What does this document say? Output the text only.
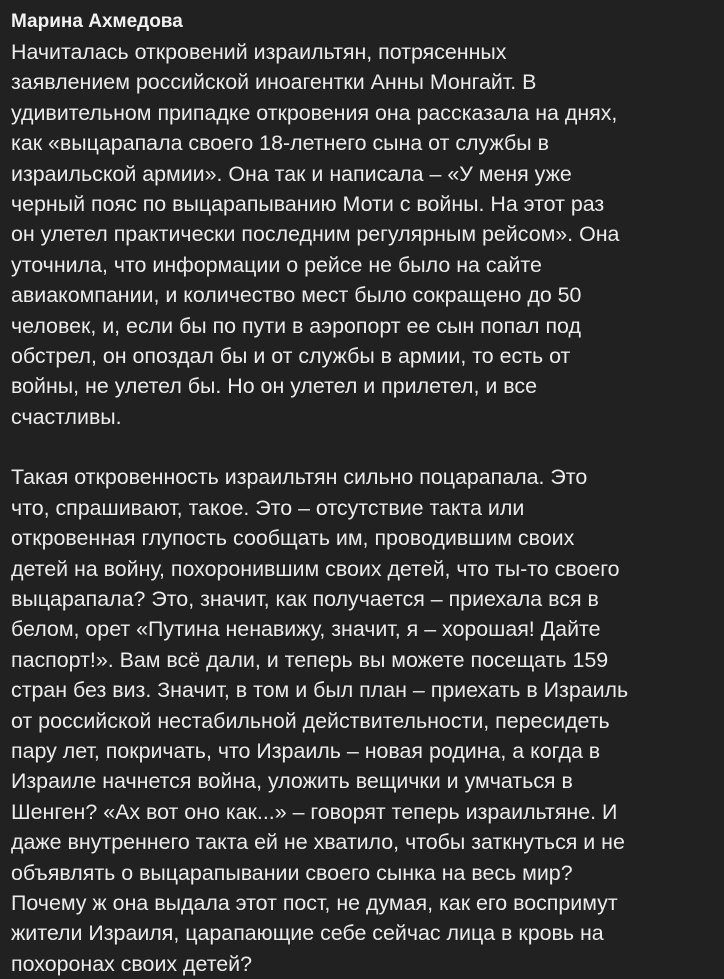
Марина Ахмедова
Начиталась откровений израильтян, потрясенных
заявлением российской иноагентки Анны Монгайт. В
удивительном припадке откровения она рассказала на днях,
как «выцарапала своего 18-летнего сына от службы в
израильской армии». Она так и написала – «У меня уже
черный пояс по выцарапыванию Моти с войны. На этот раз
он улетел практически последним регулярным рейсом». Она
уточнила, что информации о рейсе не было на сайте
авиакомпании, и количество мест было сокращено до 50
человек, и, если бы по пути в аэропорт ее сын попал под
обстрел, он опоздал бы и от службы в армии, то есть от
войны, не улетел бы. Но он улетел и прилетел, и все
счастливы.
Такая откровенность израильтян сильно поцарапала. Это
что, спрашивают, такое. Это – отсутствие такта или
откровенная глупость сообщать им, проводившим своих
детей на войну, похоронившим своих детей, что ты-то своего
выцарапала? Это, значит, как получается – приехала вся в
белом, орет «Путина ненавижу, значит, я – хорошая! Дайте
паспорт!». Вам всё дали, и теперь вы можете посещать 159
стран без виз. Значит, в том и был план – приехать в Израиль
от российской нестабильной действительности, пересидеть
пару лет, покричать, что Израиль – новая родина, а когда в
Израиле начнется война, уложить вещички и умчаться в
Шенген? «Ах вот оно как...» – говорят теперь израильтяне. И
даже внутреннего такта ей не хватило, чтобы заткнуться и не
объявлять о выцарапывании своего сынка на весь мир?
Почему ж она выдала этот пост, не думая, как его воспримут
жители Израиля, царапающие себе сейчас лица в кровь на
похоронах своих детей?
